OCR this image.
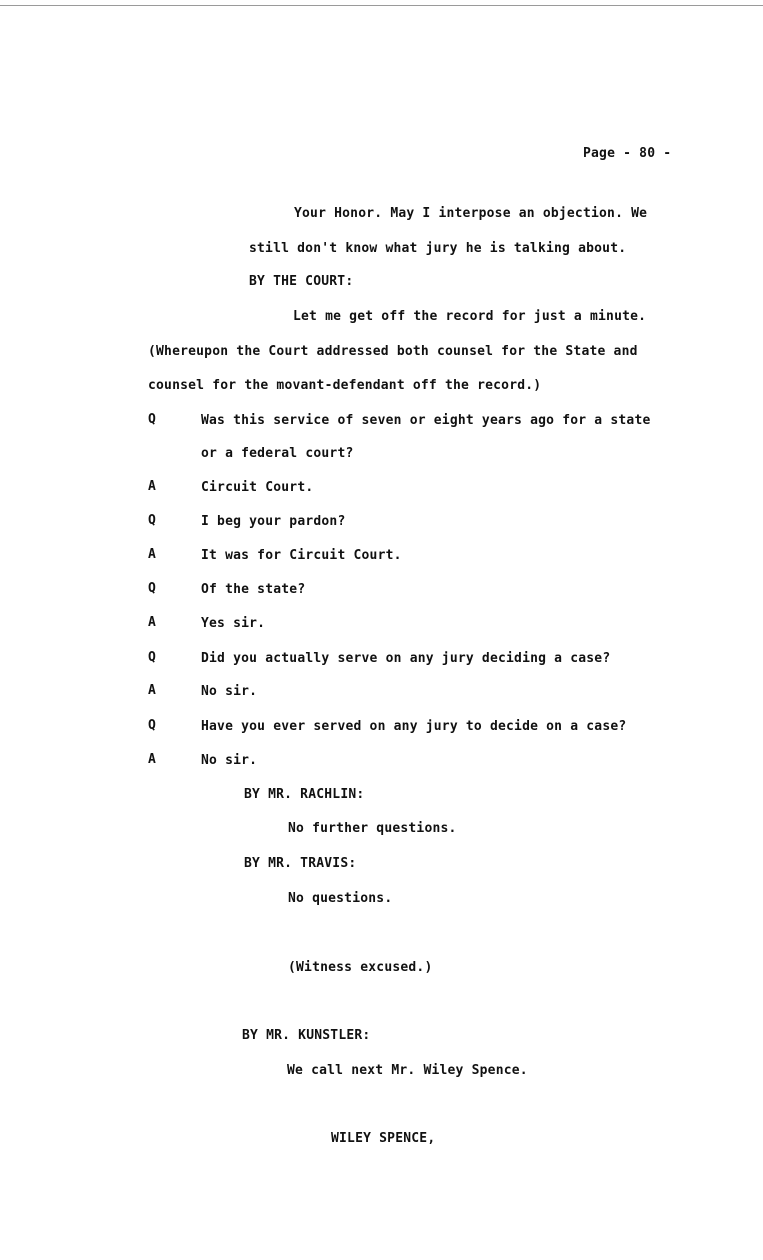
Page - 80 -
Your Honor. May I interpose an objection. We
still don't know what jury he is talking about.
BY THE COURT:
Let me get off the record for just a minute.
(Whereupon the Court addressed both counsel for the State and
counsel for the movant-defendant off the record.)
Q	Was this service of seven or eight years ago for a state
or a federal court?
A	Circuit Court.
Q	I beg your pardon?
A	It was for Circuit Court.
Q	Of the state?
A	Yes sir.
Q	Did you actually serve on any jury deciding a case?
A	No sir.
Q	Have you ever served on any jury to decide on a case?
A	No sir.
BY MR. RACHLIN:
No further questions.
BY MR. TRAVIS:
No questions.
(Witness excused.)
BY MR. KUNSTLER:
We call next Mr. Wiley Spence.
WILEY SPENCE,
